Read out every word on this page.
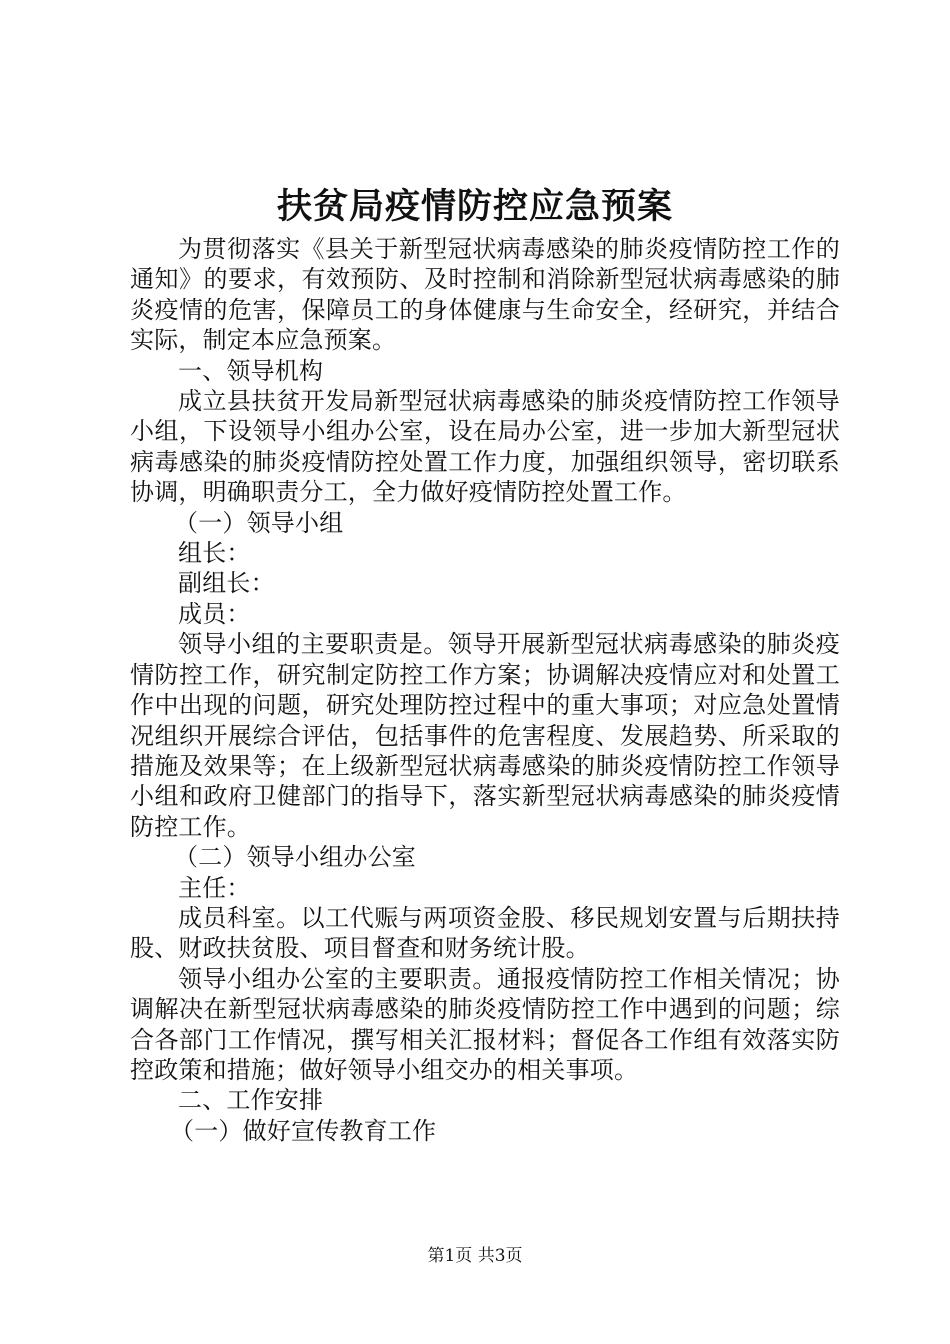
扶贫局疫情防控应急预案

为贯彻落实《县关于新型冠状病毒感染的肺炎疫情防控工作的通知》的要求，有效预防、及时控制和消除新型冠状病毒感染的肺炎疫情的危害，保障员工的身体健康与生命安全，经研究，并结合实际，制定本应急预案。

一、领导机构

成立县扶贫开发局新型冠状病毒感染的肺炎疫情防控工作领导小组，下设领导小组办公室，设在局办公室，进一步加大新型冠状病毒感染的肺炎疫情防控处置工作力度，加强组织领导，密切联系协调，明确职责分工，全力做好疫情防控处置工作。

（一）领导小组

组长：

副组长：

成员：

领导小组的主要职责是。领导开展新型冠状病毒感染的肺炎疫情防控工作，研究制定防控工作方案；协调解决疫情应对和处置工作中出现的问题，研究处理防控过程中的重大事项；对应急处置情况组织开展综合评估，包括事件的危害程度、发展趋势、所采取的措施及效果等；在上级新型冠状病毒感染的肺炎疫情防控工作领导小组和政府卫健部门的指导下，落实新型冠状病毒感染的肺炎疫情防控工作。

（二）领导小组办公室

主任：

成员科室。以工代赈与两项资金股、移民规划安置与后期扶持股、财政扶贫股、项目督查和财务统计股。

领导小组办公室的主要职责。通报疫情防控工作相关情况；协调解决在新型冠状病毒感染的肺炎疫情防控工作中遇到的问题；综合各部门工作情况，撰写相关汇报材料；督促各工作组有效落实防控政策和措施；做好领导小组交办的相关事项。

二、工作安排

（一）做好宣传教育工作

第1页 共3页
